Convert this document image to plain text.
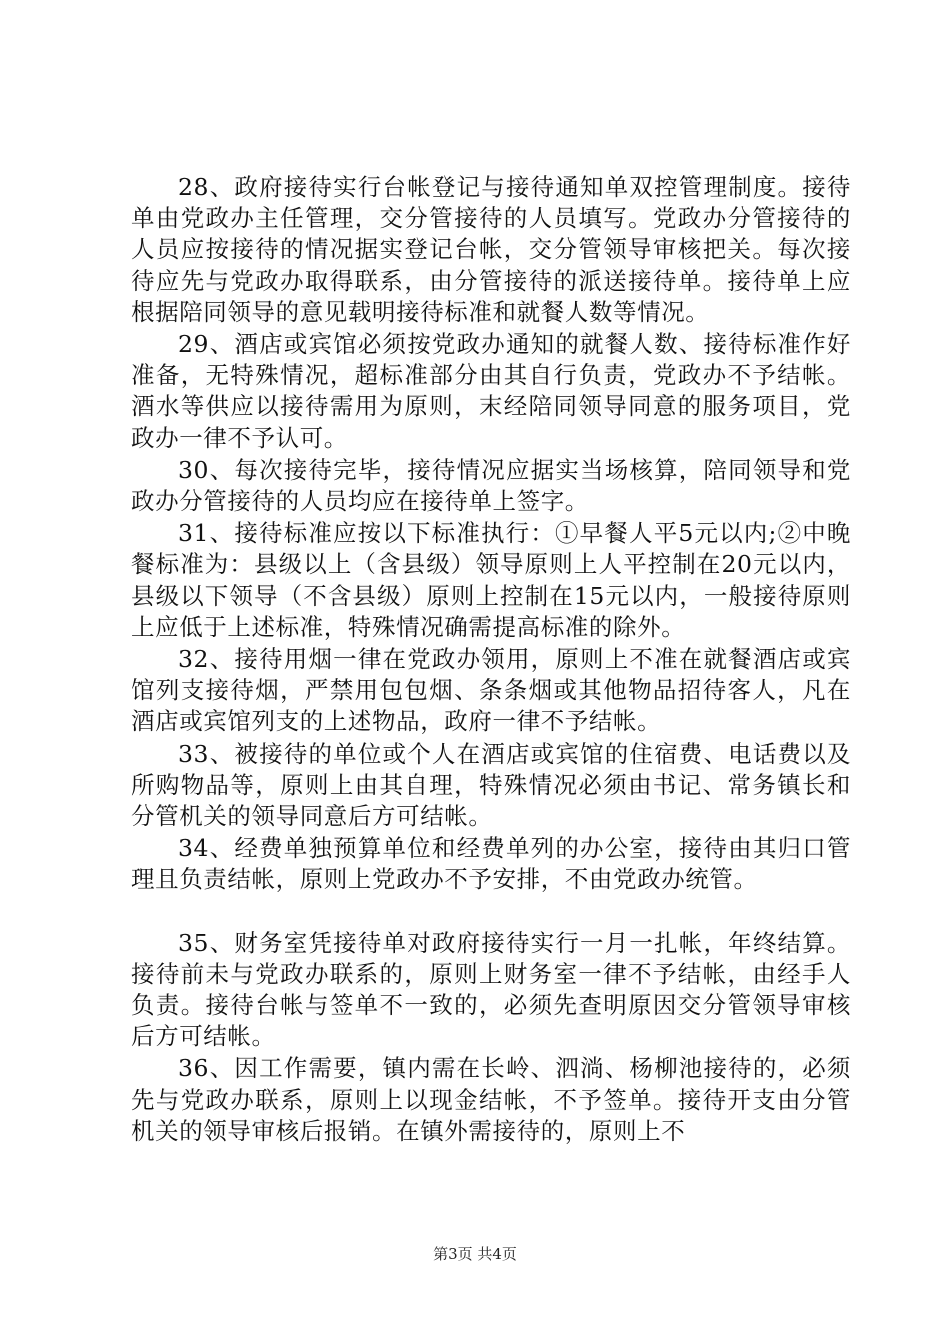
28、政府接待实行台帐登记与接待通知单双控管理制度。接待单由党政办主任管理，交分管接待的人员填写。党政办分管接待的人员应按接待的情况据实登记台帐，交分管领导审核把关。每次接待应先与党政办取得联系，由分管接待的派送接待单。接待单上应根据陪同领导的意见载明接待标准和就餐人数等情况。

29、酒店或宾馆必须按党政办通知的就餐人数、接待标准作好准备，无特殊情况，超标准部分由其自行负责，党政办不予结帐。酒水等供应以接待需用为原则，末经陪同领导同意的服务项目，党政办一律不予认可。

30、每次接待完毕，接待情况应据实当场核算，陪同领导和党政办分管接待的人员均应在接待单上签字。

31、接待标准应按以下标准执行：①早餐人平5元以内;②中晚餐标准为：县级以上（含县级）领导原则上人平控制在20元以内，县级以下领导（不含县级）原则上控制在15元以内，一般接待原则上应低于上述标准，特殊情况确需提高标准的除外。

32、接待用烟一律在党政办领用，原则上不准在就餐酒店或宾馆列支接待烟，严禁用包包烟、条条烟或其他物品招待客人，凡在酒店或宾馆列支的上述物品，政府一律不予结帐。

33、被接待的单位或个人在酒店或宾馆的住宿费、电话费以及所购物品等，原则上由其自理，特殊情况必须由书记、常务镇长和分管机关的领导同意后方可结帐。

34、经费单独预算单位和经费单列的办公室，接待由其归口管理且负责结帐，原则上党政办不予安排，不由党政办统管。

35、财务室凭接待单对政府接待实行一月一扎帐，年终结算。接待前未与党政办联系的，原则上财务室一律不予结帐，由经手人负责。接待台帐与签单不一致的，必须先查明原因交分管领导审核后方可结帐。

36、因工作需要，镇内需在长岭、泗淌、杨柳池接待的，必须先与党政办联系，原则上以现金结帐，不予签单。接待开支由分管机关的领导审核后报销。在镇外需接待的，原则上不

第3页 共4页
